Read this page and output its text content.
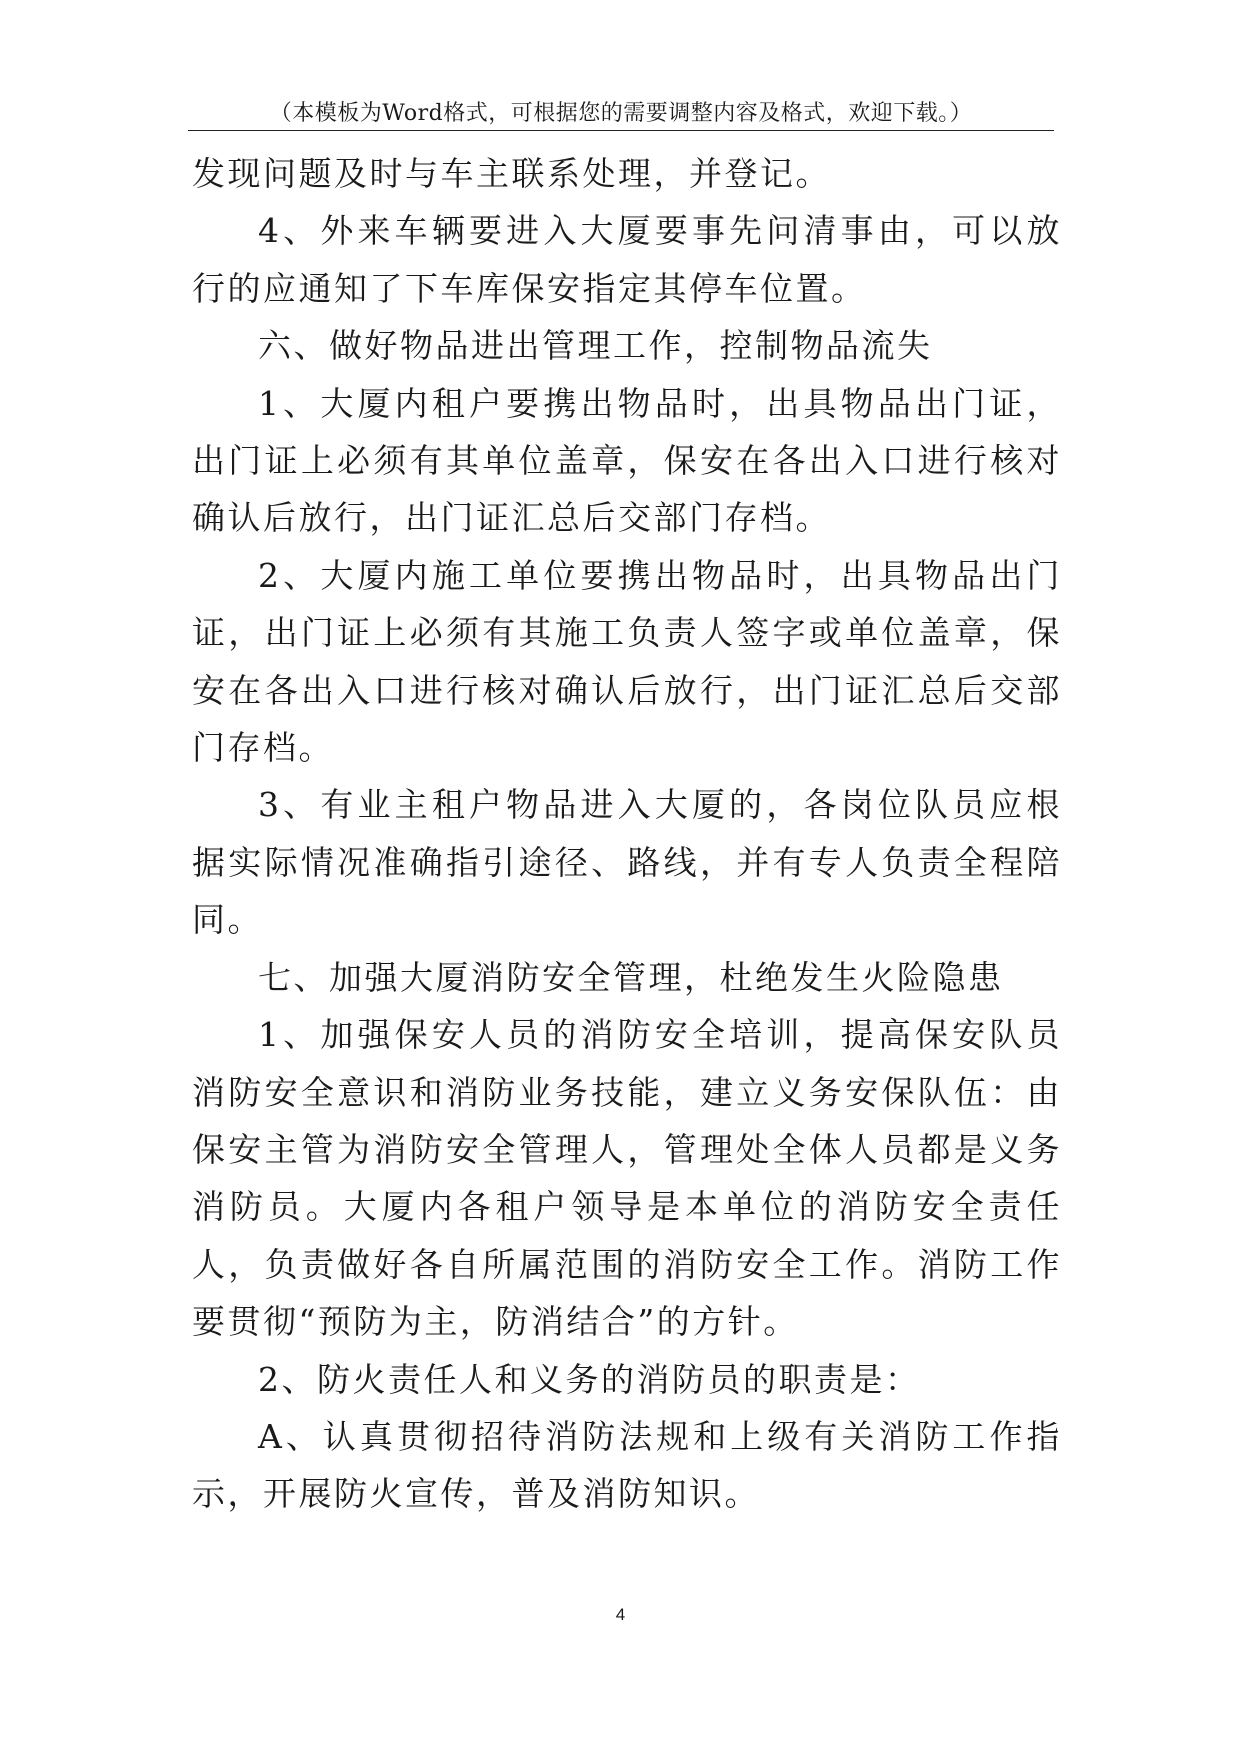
（本模板为Word格式，可根据您的需要调整内容及格式，欢迎下载。）

发现问题及时与车主联系处理，并登记。

4、外来车辆要进入大厦要事先问清事由，可以放行的应通知了下车库保安指定其停车位置。

六、做好物品进出管理工作，控制物品流失

1、大厦内租户要携出物品时，出具物品出门证，出门证上必须有其单位盖章，保安在各出入口进行核对确认后放行，出门证汇总后交部门存档。

2、大厦内施工单位要携出物品时，出具物品出门证，出门证上必须有其施工负责人签字或单位盖章，保安在各出入口进行核对确认后放行，出门证汇总后交部门存档。

3、有业主租户物品进入大厦的，各岗位队员应根据实际情况准确指引途径、路线，并有专人负责全程陪同。

七、加强大厦消防安全管理，杜绝发生火险隐患

1、加强保安人员的消防安全培训，提高保安队员消防安全意识和消防业务技能，建立义务安保队伍：由保安主管为消防安全管理人，管理处全体人员都是义务消防员。大厦内各租户领导是本单位的消防安全责任人，负责做好各自所属范围的消防安全工作。消防工作要贯彻“预防为主，防消结合”的方针。

2、防火责任人和义务的消防员的职责是：

A、认真贯彻招待消防法规和上级有关消防工作指示，开展防火宣传，普及消防知识。

4
